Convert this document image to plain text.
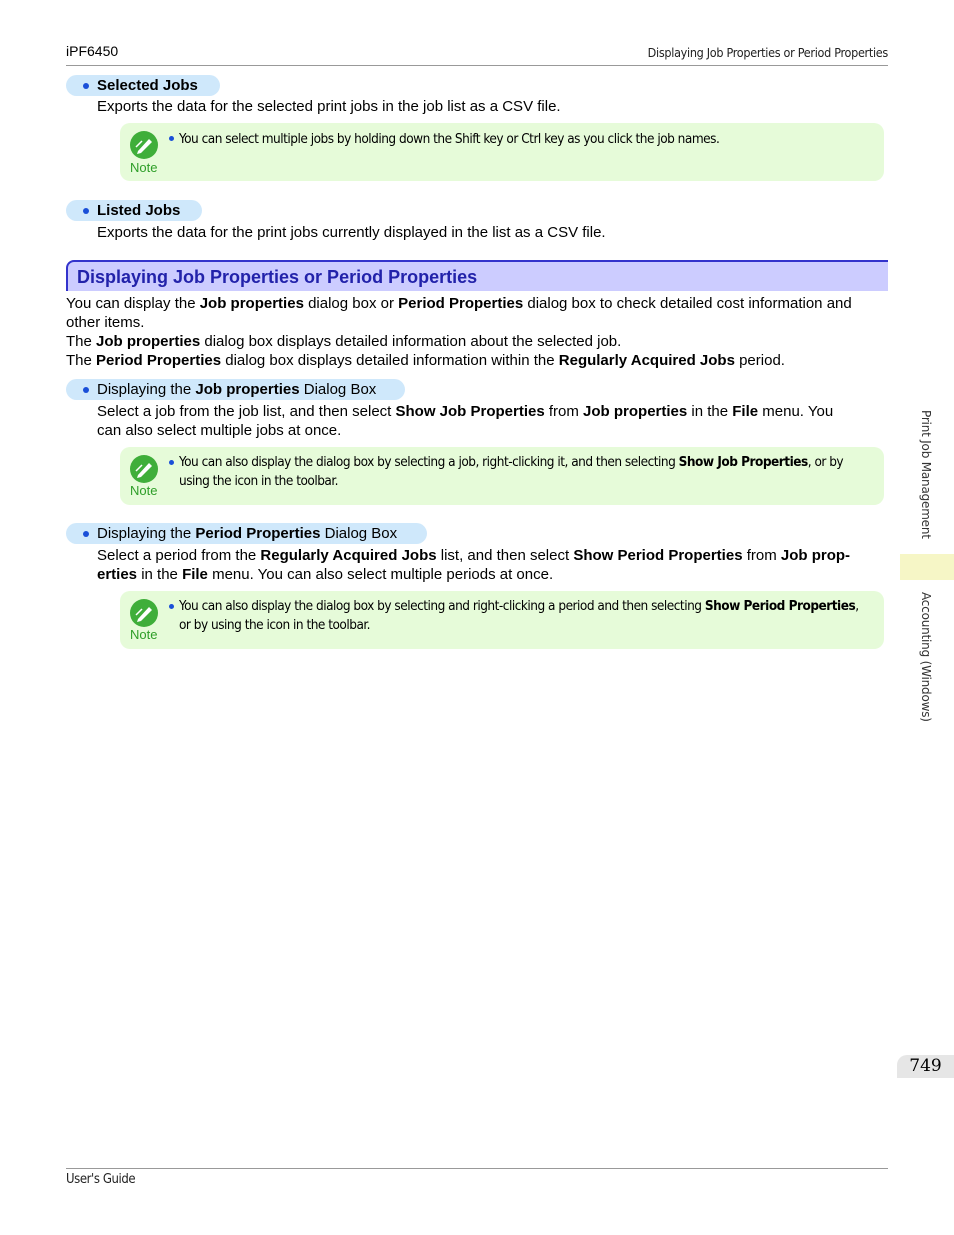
iPF6450	Displaying Job Properties or Period Properties
Selected Jobs
Exports the data for the selected print jobs in the job list as a CSV file.
Note
You can select multiple jobs by holding down the Shift key or Ctrl key as you click the job names.
Listed Jobs
Exports the data for the print jobs currently displayed in the list as a CSV file.
Displaying Job Properties or Period Properties
You can display the Job properties dialog box or Period Properties dialog box to check detailed cost information and
other items.
The Job properties dialog box displays detailed information about the selected job.
The Period Properties dialog box displays detailed information within the Regularly Acquired Jobs period.
Displaying the Job properties Dialog Box
Select a job from the job list, and then select Show Job Properties from Job properties in the File menu. You
can also select multiple jobs at once.
Note
You can also display the dialog box by selecting a job, right-clicking it, and then selecting Show Job Properties, or by
using the icon in the toolbar.
Displaying the Period Properties Dialog Box
Select a period from the Regularly Acquired Jobs list, and then select Show Period Properties from Job prop-
erties in the File menu. You can also select multiple periods at once.
Note
You can also display the dialog box by selecting and right-clicking a period and then selecting Show Period Properties,
or by using the icon in the toolbar.
Print Job Management
Accounting (Windows)
749
User's Guide
